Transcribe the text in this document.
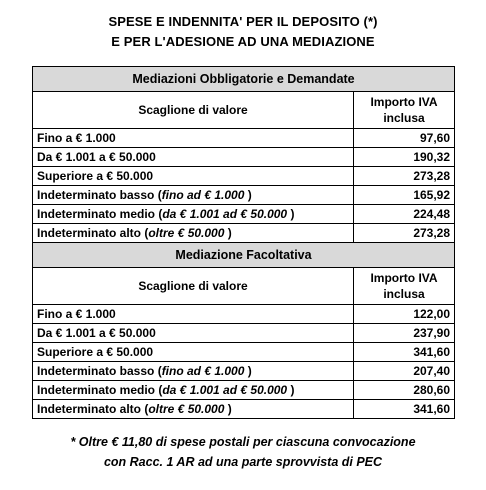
SPESE E INDENNITA' PER IL DEPOSITO (*)
E PER L'ADESIONE AD UNA MEDIAZIONE
Mediazioni Obbligatorie e Demandate	
Scaglione di valore	Importo IVA
inclusa

Fino a € 1.000	97,60
Da € 1.001 a € 50.000	190,32
Superiore a € 50.000	273,28
Indeterminato basso (fino ad € 1.000 )	165,92
Indeterminato medio (da € 1.001 ad € 50.000 )	224,48
Indeterminato alto (oltre € 50.000 )	273,28
Mediazione Facoltativa	
Scaglione di valore	Importo IVA
inclusa

Fino a € 1.000	122,00
Da € 1.001 a € 50.000	237,90
Superiore a € 50.000	341,60
Indeterminato basso (fino ad € 1.000 )	207,40
Indeterminato medio (da € 1.001 ad € 50.000 )	280,60
Indeterminato alto (oltre € 50.000 )	341,60
* Oltre € 11,80 di spese postali per ciascuna convocazione
con Racc. 1 AR ad una parte sprovvista di PEC
